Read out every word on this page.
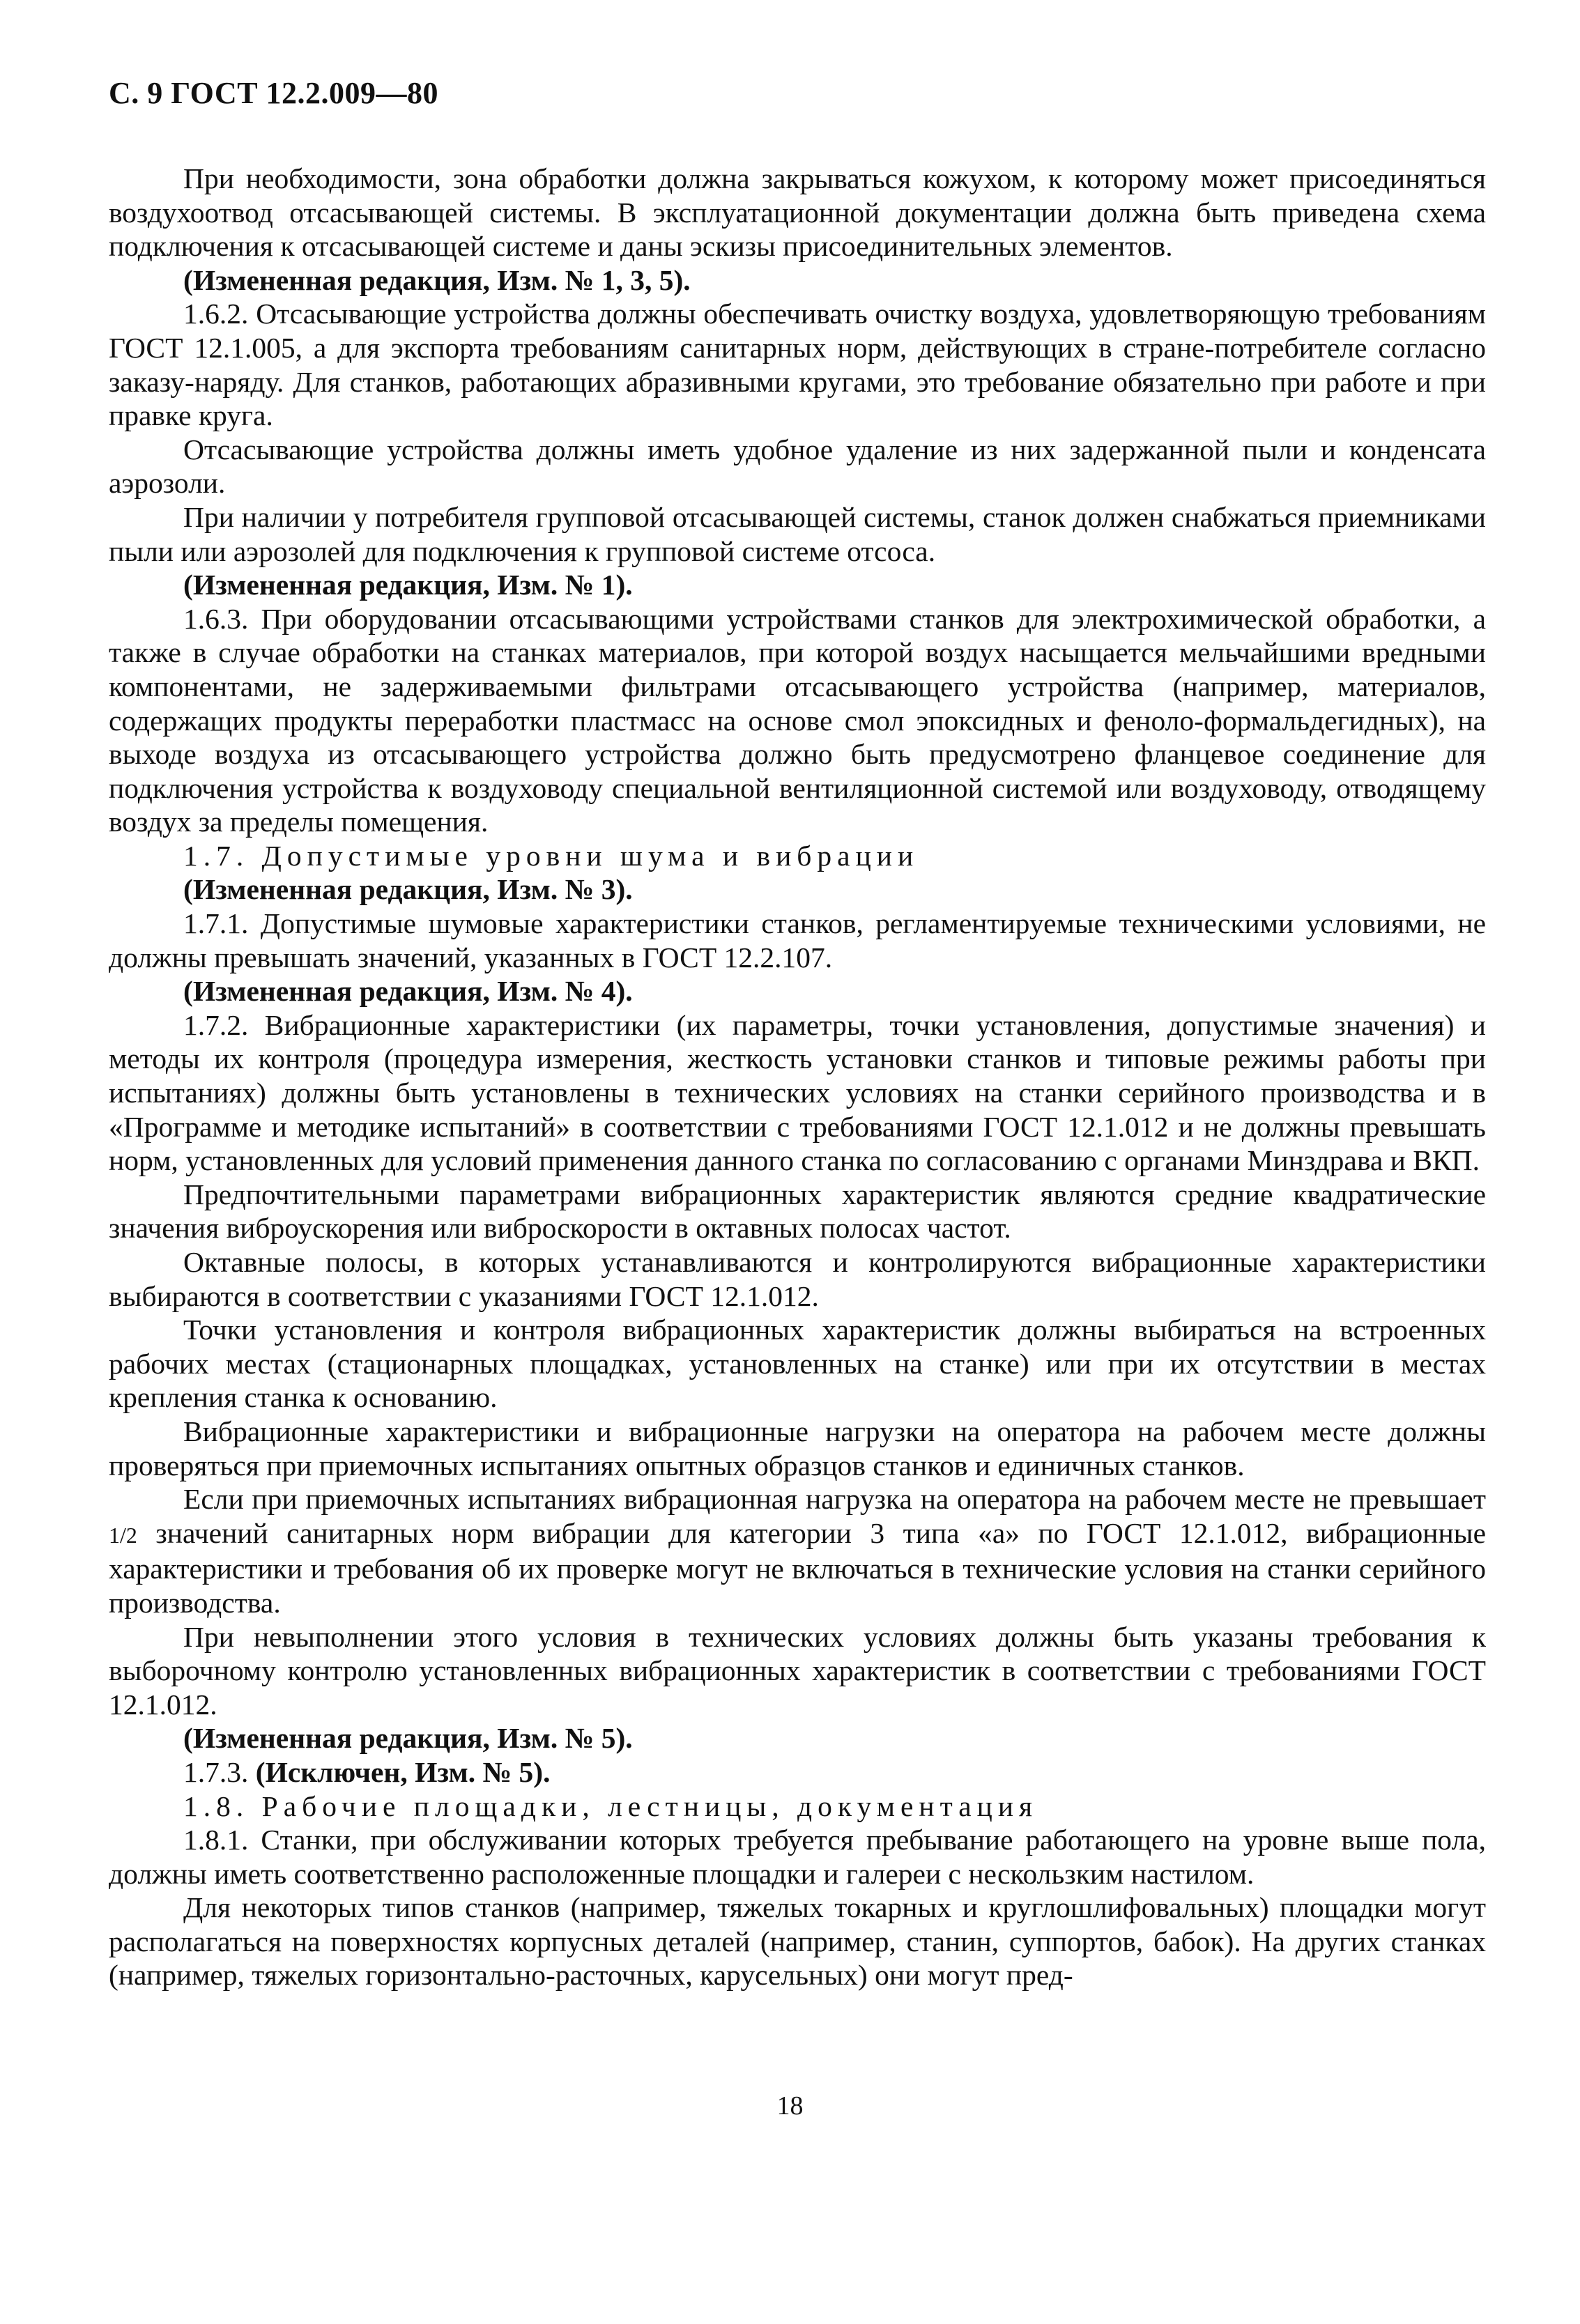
С. 9 ГОСТ 12.2.009—80

При необходимости, зона обработки должна закрываться кожухом, к которому может присоединяться воздухоотвод отсасывающей системы. В эксплуатационной документации должна быть приведена схема подключения к отсасывающей системе и даны эскизы присоединительных элементов.

(Измененная редакция, Изм. № 1, 3, 5).

1.6.2. Отсасывающие устройства должны обеспечивать очистку воздуха, удовлетворяющую требованиям ГОСТ 12.1.005, а для экспорта требованиям санитарных норм, действующих в стране-потребителе согласно заказу-наряду. Для станков, работающих абразивными кругами, это требование обязательно при работе и при правке круга.

Отсасывающие устройства должны иметь удобное удаление из них задержанной пыли и конденсата аэрозоли.

При наличии у потребителя групповой отсасывающей системы, станок должен снабжаться приемниками пыли или аэрозолей для подключения к групповой системе отсоса.

(Измененная редакция, Изм. № 1).

1.6.3. При оборудовании отсасывающими устройствами станков для электрохимической обработки, а также в случае обработки на станках материалов, при которой воздух насыщается мельчайшими вредными компонентами, не задерживаемыми фильтрами отсасывающего устройства (например, материалов, содержащих продукты переработки пластмасс на основе смол эпоксидных и феноло-формальдегидных), на выходе воздуха из отсасывающего устройства должно быть предусмотрено фланцевое соединение для подключения устройства к воздуховоду специальной вентиляционной системой или воздуховоду, отводящему воздух за пределы помещения.

1.7. Допустимые уровни шума и вибрации

(Измененная редакция, Изм. № 3).

1.7.1. Допустимые шумовые характеристики станков, регламентируемые техническими условиями, не должны превышать значений, указанных в ГОСТ 12.2.107.

(Измененная редакция, Изм. № 4).

1.7.2. Вибрационные характеристики (их параметры, точки установления, допустимые значения) и методы их контроля (процедура измерения, жесткость установки станков и типовые режимы работы при испытаниях) должны быть установлены в технических условиях на станки серийного производства и в «Программе и методике испытаний» в соответствии с требованиями ГОСТ 12.1.012 и не должны превышать норм, установленных для условий применения данного станка по согласованию с органами Минздрава и ВКП.

Предпочтительными параметрами вибрационных характеристик являются средние квадратические значения виброускорения или виброскорости в октавных полосах частот.

Октавные полосы, в которых устанавливаются и контролируются вибрационные характеристики выбираются в соответствии с указаниями ГОСТ 12.1.012.

Точки установления и контроля вибрационных характеристик должны выбираться на встроенных рабочих местах (стационарных площадках, установленных на станке) или при их отсутствии в местах крепления станка к основанию.

Вибрационные характеристики и вибрационные нагрузки на оператора на рабочем месте должны проверяться при приемочных испытаниях опытных образцов станков и единичных станков.

Если при приемочных испытаниях вибрационная нагрузка на оператора на рабочем месте не превышает 1/2 значений санитарных норм вибрации для категории 3 типа «а» по ГОСТ 12.1.012, вибрационные характеристики и требования об их проверке могут не включаться в технические условия на станки серийного производства.

При невыполнении этого условия в технических условиях должны быть указаны требования к выборочному контролю установленных вибрационных характеристик в соответствии с требованиями ГОСТ 12.1.012.

(Измененная редакция, Изм. № 5).

1.7.3. (Исключен, Изм. № 5).

1.8. Рабочие площадки, лестницы, документация

1.8.1. Станки, при обслуживании которых требуется пребывание работающего на уровне выше пола, должны иметь соответственно расположенные площадки и галереи с нескользким настилом.

Для некоторых типов станков (например, тяжелых токарных и круглошлифовальных) площадки могут располагаться на поверхностях корпусных деталей (например, станин, суппортов, бабок). На других станках (например, тяжелых горизонтально-расточных, карусельных) они могут пред-

18
